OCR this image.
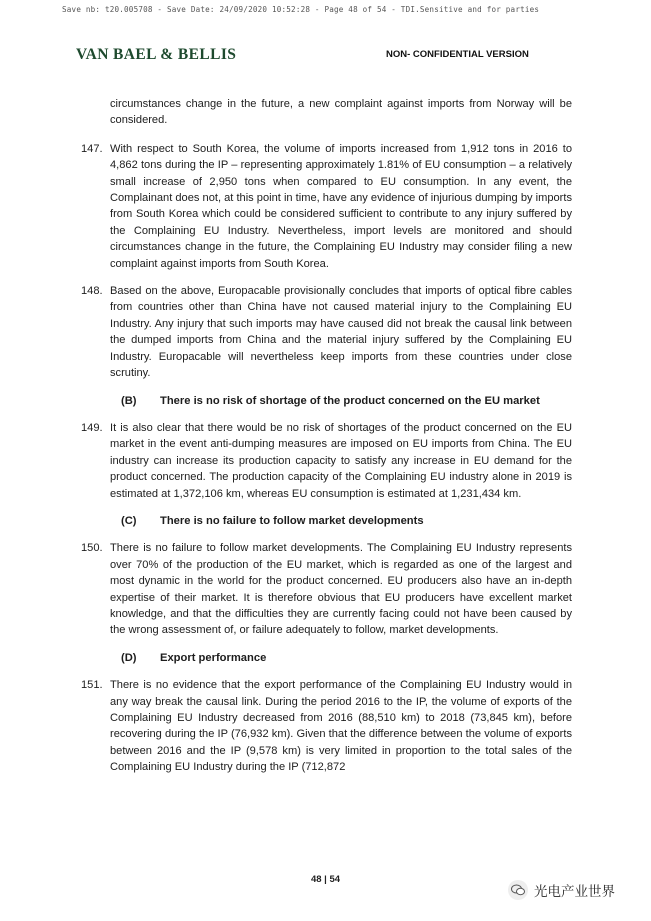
Save nb: t20.005708 - Save Date: 24/09/2020 10:52:28 - Page 48 of 54 - TDI.Sensitive and for parties
VAN BAEL & BELLIS	NON- CONFIDENTIAL VERSION

circumstances change in the future, a new complaint against imports from Norway will be considered.

147. With respect to South Korea, the volume of imports increased from 1,912 tons in 2016 to 4,862 tons during the IP – representing approximately 1.81% of EU consumption – a relatively small increase of 2,950 tons when compared to EU consumption. In any event, the Complainant does not, at this point in time, have any evidence of injurious dumping by imports from South Korea which could be considered sufficient to contribute to any injury suffered by the Complaining EU Industry. Nevertheless, import levels are monitored and should circumstances change in the future, the Complaining EU Industry may consider filing a new complaint against imports from South Korea.
148. Based on the above, Europacable provisionally concludes that imports of optical fibre cables from countries other than China have not caused material injury to the Complaining EU Industry. Any injury that such imports may have caused did not break the causal link between the dumped imports from China and the material injury suffered by the Complaining EU Industry. Europacable will nevertheless keep imports from these countries under close scrutiny.
(B) There is no risk of shortage of the product concerned on the EU market
149. It is also clear that there would be no risk of shortages of the product concerned on the EU market in the event anti-dumping measures are imposed on EU imports from China. The EU industry can increase its production capacity to satisfy any increase in EU demand for the product concerned. The production capacity of the Complaining EU industry alone in 2019 is estimated at 1,372,106 km, whereas EU consumption is estimated at 1,231,434 km.
(C) There is no failure to follow market developments
150. There is no failure to follow market developments. The Complaining EU Industry represents over 70% of the production of the EU market, which is regarded as one of the largest and most dynamic in the world for the product concerned. EU producers also have an in-depth expertise of their market. It is therefore obvious that EU producers have excellent market knowledge, and that the difficulties they are currently facing could not have been caused by the wrong assessment of, or failure adequately to follow, market developments.
(D) Export performance
151. There is no evidence that the export performance of the Complaining EU Industry would in any way break the causal link. During the period 2016 to the IP, the volume of exports of the Complaining EU Industry decreased from 2016 (88,510 km) to 2018 (73,845 km), before recovering during the IP (76,932 km). Given that the difference between the volume of exports between 2016 and the IP (9,578 km) is very limited in proportion to the total sales of the Complaining EU Industry during the IP (712,872
48 | 54
光电产业世界
